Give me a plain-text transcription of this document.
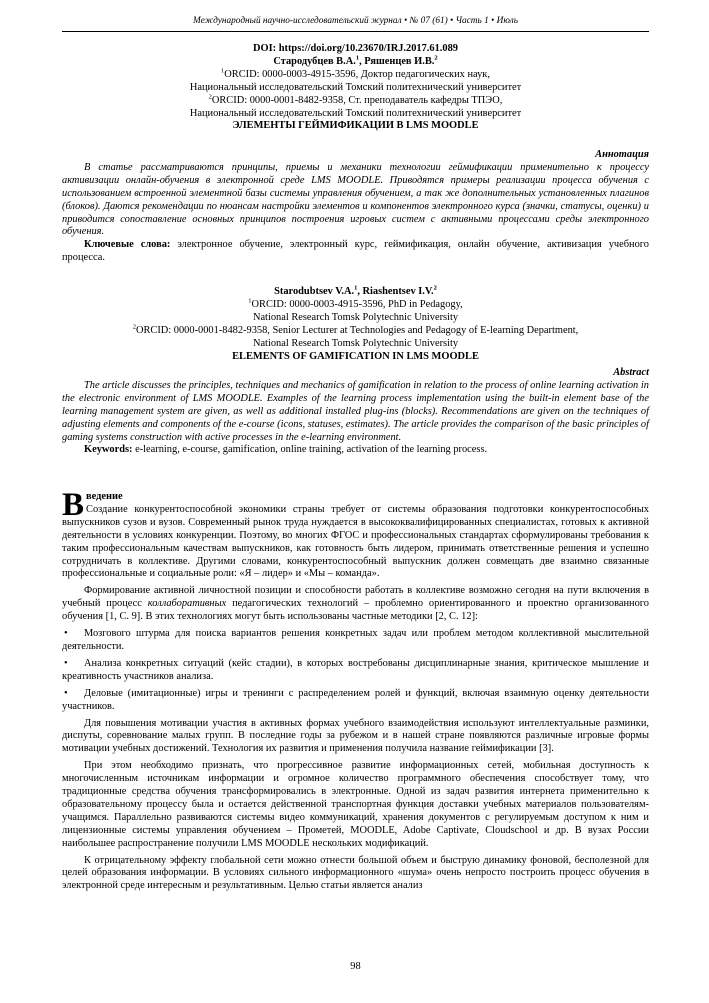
Международный научно-исследовательский журнал • № 07 (61) • Часть 1 • Июль

DOI: https://doi.org/10.23670/IRJ.2017.61.089

Стародубцев В.А.$^1$, Ряшенцев И.В.$^2$

$^1$ORCID: 0000-0003-4915-3596, Доктор педагогических наук,

Национальный исследовательский Томский политехнический университет

$^2$ORCID: 0000-0001-8482-9358, Ст. преподаватель кафедры ТПЭО,

Национальный исследовательский Томский политехнический университет

ЭЛЕМЕНТЫ ГЕЙМИФИКАЦИИ В LMS MOODLE

Аннотация

В статье рассматриваются принципы, приемы и механики технологии геймификации применительно к процессу активизации онлайн-обучения в электронной среде LMS MOODLE. Приводятся примеры реализации процесса обучения с использованием встроенной элементной базы системы управления обучением, а так же дополнительных установленных плагинов (блоков). Даются рекомендации по нюансам настройки элементов и компонентов электронного курса (значки, статусы, оценки) и приводится сопоставление основных принципов построения игровых систем с активными процессами среды электронного обучения.

Ключевые слова: электронное обучение, электронный курс, геймификация, онлайн обучение, активизация учебного процесса.

Starodubtsev V.A.$^1$, Riashentsev I.V.$^2$

$^1$ORCID: 0000-0003-4915-3596, PhD in Pedagogy,

National Research Tomsk Polytechnic University

$^2$ORCID: 0000-0001-8482-9358, Senior Lecturer at Technologies and Pedagogy of E-learning Department,

National Research Tomsk Polytechnic University

ELEMENTS OF GAMIFICATION IN LMS MOODLE

Abstract

The article discusses the principles, techniques and mechanics of gamification in relation to the process of online learning activation in the electronic environment of LMS MOODLE. Examples of the learning process implementation using the built-in element base of the learning management system are given, as well as additional installed plug-ins (blocks). Recommendations are given on the techniques of adjusting elements and components of the e-course (icons, statuses, estimates). The article provides the comparison of the basic principles of gaming systems construction with active processes in the e-learning environment.

Keywords: e-learning, e-course, gamification, online training, activation of the learning process.

Введение
Создание конкурентоспособной экономики страны требует от системы образования подготовки конкурентоспособных выпускников сузов и вузов. Современный рынок труда нуждается в высококвалифицированных специалистах, готовых к активной деятельности в условиях конкуренции. Поэтому, во многих ФГОС и профессиональных стандартах сформулированы требования к таким профессиональным качествам выпускников, как готовность быть лидером, принимать ответственные решения и успешно сотрудничать в коллективе. Другими словами, конкурентоспособный выпускник должен совмещать две взаимно связанные профессиональные и социальные роли: «Я – лидер» и «Мы – команда».

Формирование активной личностной позиции и способности работать в коллективе возможно сегодня на пути включения в учебный процесс коллаборативных педагогических технологий – проблемно ориентированного и проектно организованного обучения [1, С. 9]. В этих технологиях могут быть использованы частные методики [2, С. 12]:

• Мозгового штурма для поиска вариантов решения конкретных задач или проблем методом коллективной мыслительной деятельности.

• Анализа конкретных ситуаций (кейс стадии), в которых востребованы дисциплинарные знания, критическое мышление и креативность участников анализа.

• Деловые (имитационные) игры и тренинги с распределением ролей и функций, включая взаимную оценку деятельности участников.

Для повышения мотивации участия в активных формах учебного взаимодействия используют интеллектуальные разминки, диспуты, соревнование малых групп. В последние годы за рубежом и в нашей стране появляются различные игровые формы мотивации учебных достижений. Технология их развития и применения получила название геймификации [3].

При этом необходимо признать, что прогрессивное развитие информационных сетей, мобильная доступность к многочисленным источникам информации и огромное количество программного обеспечения способствует тому, что традиционные средства обучения трансформировались в электронные. Одной из задач развития интернета применительно к образовательному процессу была и остается действенной транспортная функция доставки учебных материалов пользователям-учащимся. Параллельно развиваются системы видео коммуникаций, хранения документов с регулируемым доступом к ним и лицензионные системы управления обучением – Прометей, MOODLE, Adobe Captivate, Cloudschool и др. В вузах России наибольшее распространение получили LMS MOODLE нескольких модификаций.

К отрицательному эффекту глобальной сети можно отнести большой объем и быструю динамику фоновой, бесполезной для целей образования информации. В условиях сильного информационного «шума» очень непросто построить процесс обучения в электронной среде интересным и результативным. Целью статьи является анализ

98
